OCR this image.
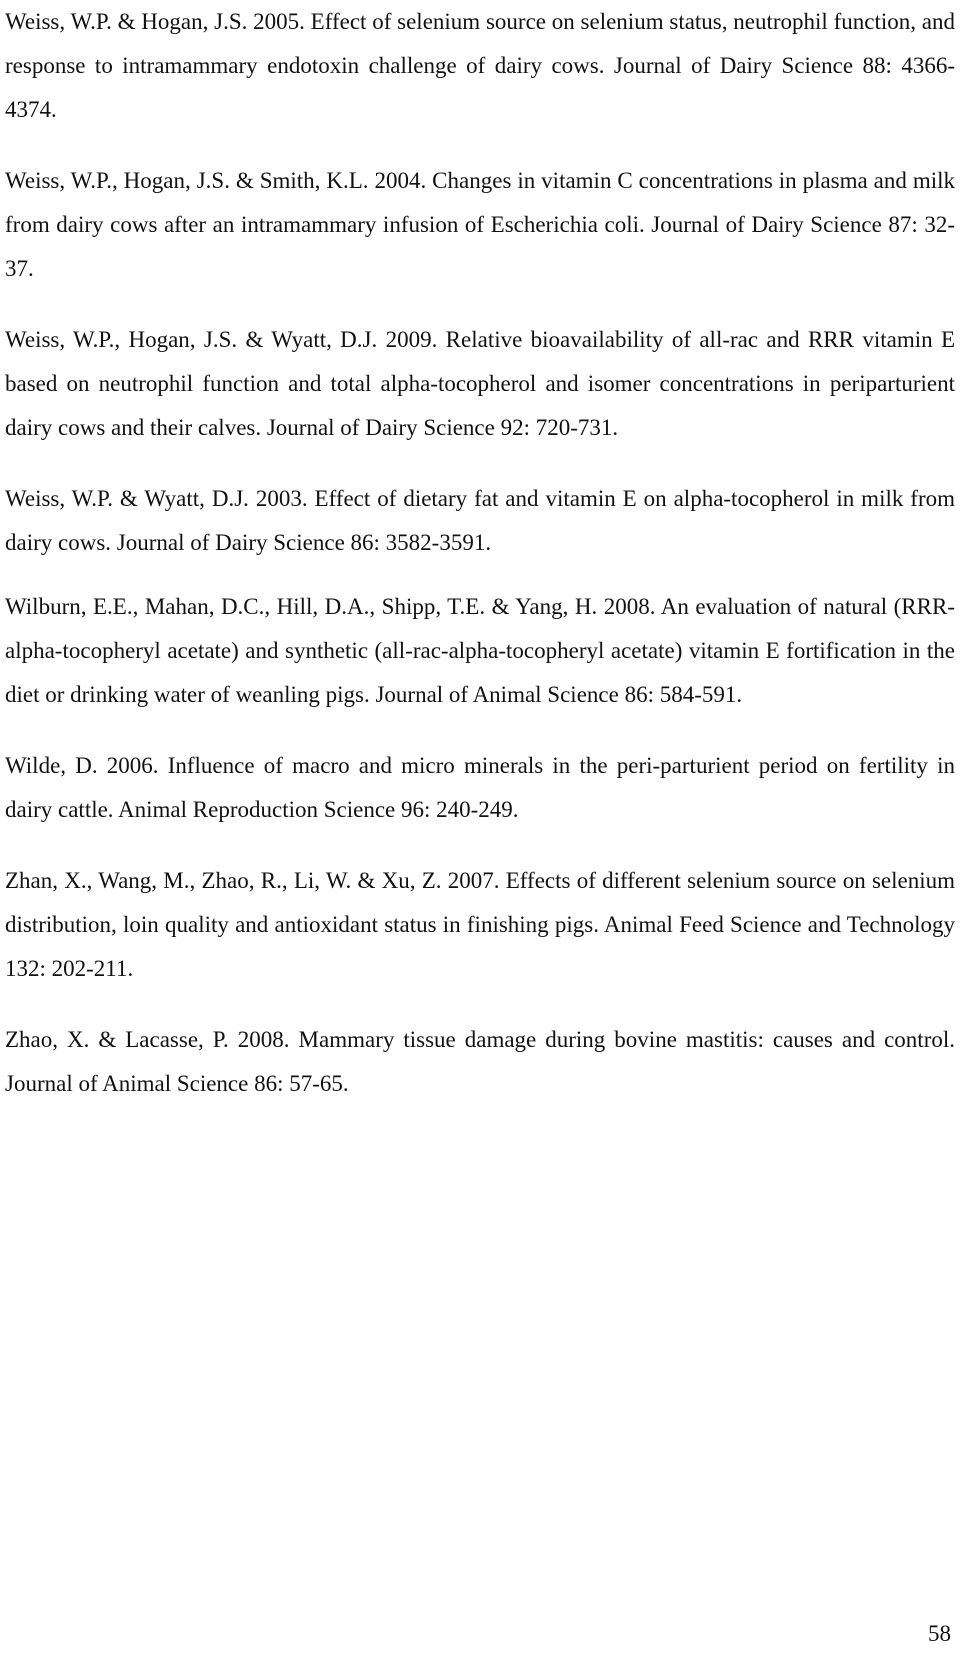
Weiss, W.P. & Hogan, J.S. 2005. Effect of selenium source on selenium status, neutrophil function, and response to intramammary endotoxin challenge of dairy cows. Journal of Dairy Science 88: 4366-4374.

Weiss, W.P., Hogan, J.S. & Smith, K.L. 2004. Changes in vitamin C concentrations in plasma and milk from dairy cows after an intramammary infusion of Escherichia coli. Journal of Dairy Science 87: 32-37.

Weiss, W.P., Hogan, J.S. & Wyatt, D.J. 2009. Relative bioavailability of all-rac and RRR vitamin E based on neutrophil function and total alpha-tocopherol and isomer concentrations in periparturient dairy cows and their calves. Journal of Dairy Science 92: 720-731.

Weiss, W.P. & Wyatt, D.J. 2003. Effect of dietary fat and vitamin E on alpha-tocopherol in milk from dairy cows. Journal of Dairy Science 86: 3582-3591.

Wilburn, E.E., Mahan, D.C., Hill, D.A., Shipp, T.E. & Yang, H. 2008. An evaluation of natural (RRR-alpha-tocopheryl acetate) and synthetic (all-rac-alpha-tocopheryl acetate) vitamin E fortification in the diet or drinking water of weanling pigs. Journal of Animal Science 86: 584-591.

Wilde, D. 2006. Influence of macro and micro minerals in the peri-parturient period on fertility in dairy cattle. Animal Reproduction Science 96: 240-249.

Zhan, X., Wang, M., Zhao, R., Li, W. & Xu, Z. 2007. Effects of different selenium source on selenium distribution, loin quality and antioxidant status in finishing pigs. Animal Feed Science and Technology 132: 202-211.

Zhao, X. & Lacasse, P. 2008. Mammary tissue damage during bovine mastitis: causes and control. Journal of Animal Science 86: 57-65.

58
